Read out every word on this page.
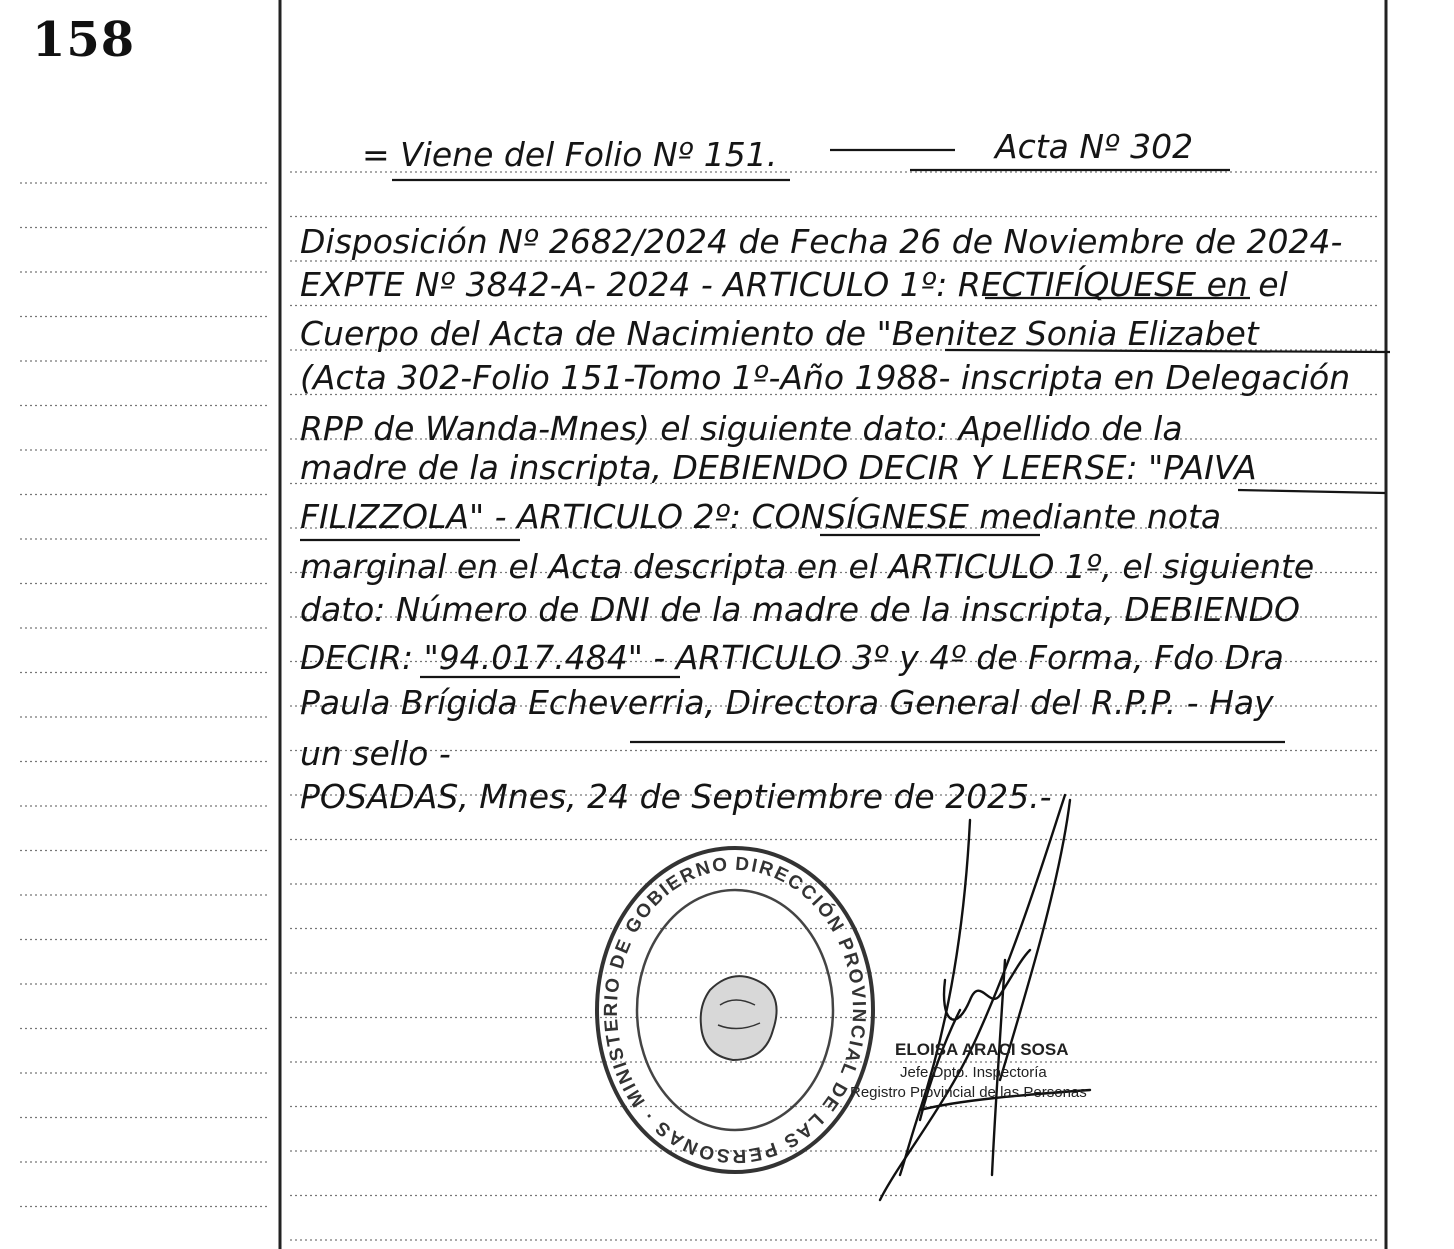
158
= Viene del Folio Nº 151.	Acta Nº 302
Disposición Nº 2682/2024 de Fecha 26 de Noviembre de 2024-
EXPTE Nº 3842-A- 2024 - ARTICULO 1º: RECTIFÍQUESE en el
Cuerpo del Acta de Nacimiento de "Benitez Sonia Elizabet
(Acta 302-Folio 151-Tomo 1º-Año 1988- inscripta en Delegación
RPP de Wanda-Mnes) el siguiente dato: Apellido de la
madre de la inscripta, DEBIENDO DECIR Y LEERSE: "PAIVA
FILIZZOLA" - ARTICULO 2º: CONSÍGNESE mediante nota
marginal en el Acta descripta en el ARTICULO 1º, el siguiente
dato: Número de DNI de la madre de la inscripta, DEBIENDO
DECIR: "94.017.484" - ARTICULO 3º y 4º de Forma, Fdo Dra
Paula Brígida Echeverria, Directora General del R.P.P. - Hay
un sello -
POSADAS, Mnes, 24 de Septiembre de 2025.-
DIRECCIÓN PROVINCIAL DE LAS PERSONAS · MINISTERIO DE GOBIERNO
ELOISA ARACI SOSA
Jefe Dpto. Inspectoría
Registro Provincial de las Personas
